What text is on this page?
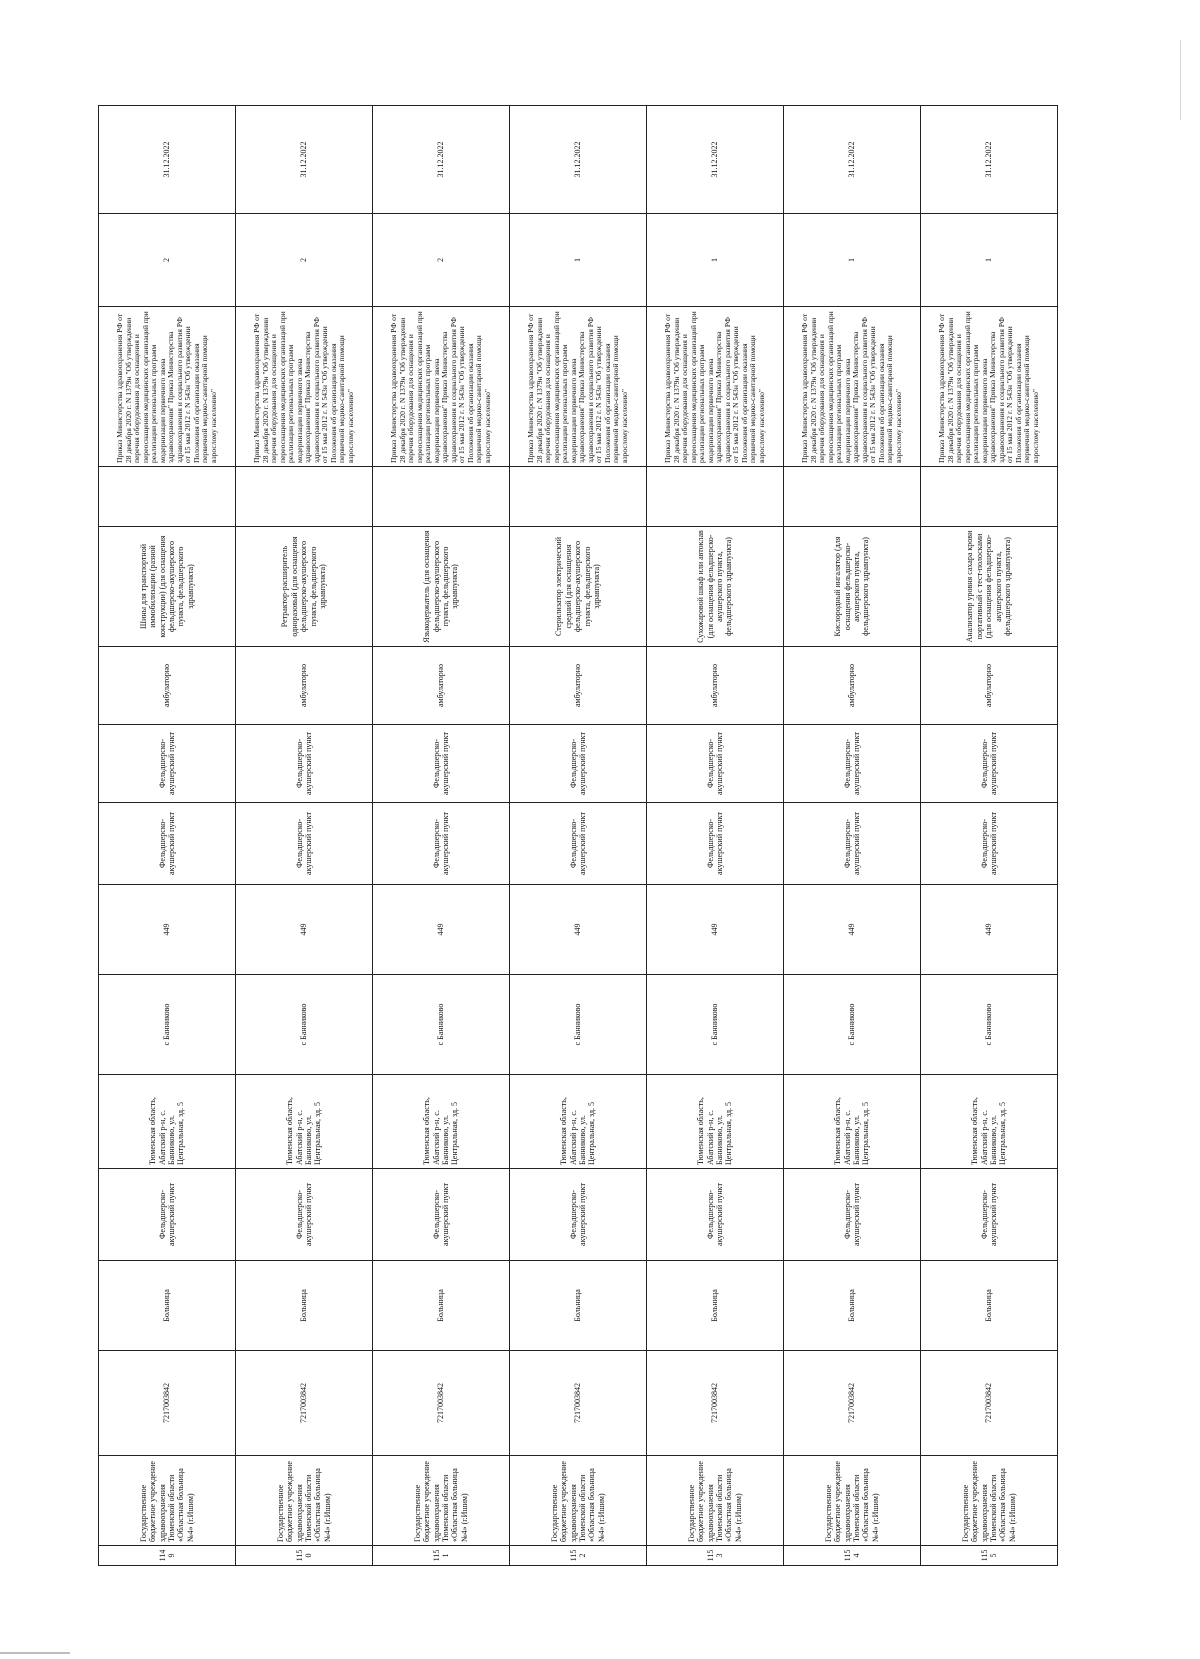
1149	Государственное бюджетное учреждение здравоохранения Тюменской области «Областная больница №4» (г.Ишим)	7217003842	Больница	Фельдшерско-акушерский пункт	Тюменская область, Абатский р-н, с. Банниково, ул. Центральная, зд. 5	с Банниково	449	Фельдшерско-акушерский пункт	Фельдшерско-акушерский пункт	амбулаторно	Шины для транспортной иммобилизации (разной конструкции) (для оснащения фельдшерско-акушерского пункта, фельдшерского здравпункта)		Приказ Министерства здравоохранения РФ от 28 декабря 2020 г. N 1379н "Об утверждении перечня оборудования для оснащения и переоснащения медицинских организаций при реализации региональных программ модернизации первичного звена здравоохранения" Приказ Министерства здравоохранения и социального развития РФ от 15 мая 2012 г. N 543н "Об утверждении Положения об организации оказания первичной медико-санитарной помощи взрослому населению"	2	31.12.2022
1150	Государственное бюджетное учреждение здравоохранения Тюменской области «Областная больница №4» (г.Ишим)	7217003842	Больница	Фельдшерско-акушерский пункт	Тюменская область, Абатский р-н, с. Банниково, ул. Центральная, зд. 5	с Банниково	449	Фельдшерско-акушерский пункт	Фельдшерско-акушерский пункт	амбулаторно	Ретрактор-расширитель одноразовый (для оснащения фельдшерско-акушерского пункта, фельдшерского здравпункта)		Приказ Министерства здравоохранения РФ от 28 декабря 2020 г. N 1379н "Об утверждении перечня оборудования для оснащения и переоснащения медицинских организаций при реализации региональных программ модернизации первичного звена здравоохранения" Приказ Министерства здравоохранения и социального развития РФ от 15 мая 2012 г. N 543н "Об утверждении Положения об организации оказания первичной медико-санитарной помощи взрослому населению"	2	31.12.2022
1151	Государственное бюджетное учреждение здравоохранения Тюменской области «Областная больница №4» (г.Ишим)	7217003842	Больница	Фельдшерско-акушерский пункт	Тюменская область, Абатский р-н, с. Банниково, ул. Центральная, зд. 5	с Банниково	449	Фельдшерско-акушерский пункт	Фельдшерско-акушерский пункт	амбулаторно	Языкодержатель (для оснащения фельдшерско-акушерского пункта, фельдшерского здравпункта)		Приказ Министерства здравоохранения РФ от 28 декабря 2020 г. N 1379н "Об утверждении перечня оборудования для оснащения и переоснащения медицинских организаций при реализации региональных программ модернизации первичного звена здравоохранения" Приказ Министерства здравоохранения и социального развития РФ от 15 мая 2012 г. N 543н "Об утверждении Положения об организации оказания первичной медико-санитарной помощи взрослому населению"	2	31.12.2022
1152	Государственное бюджетное учреждение здравоохранения Тюменской области «Областная больница №4» (г.Ишим)	7217003842	Больница	Фельдшерско-акушерский пункт	Тюменская область, Абатский р-н, с. Банниково, ул. Центральная, зд. 5	с Банниково	449	Фельдшерско-акушерский пункт	Фельдшерско-акушерский пункт	амбулаторно	Стерилизатор электрический средний (для оснащения фельдшерско-акушерского пункта, фельдшерского здравпункта)		Приказ Министерства здравоохранения РФ от 28 декабря 2020 г. N 1379н "Об утверждении перечня оборудования для оснащения и переоснащения медицинских организаций при реализации региональных программ модернизации первичного звена здравоохранения" Приказ Министерства здравоохранения и социального развития РФ от 15 мая 2012 г. N 543н "Об утверждении Положения об организации оказания первичной медико-санитарной помощи взрослому населению"	1	31.12.2022
1153	Государственное бюджетное учреждение здравоохранения Тюменской области «Областная больница №4» (г.Ишим)	7217003842	Больница	Фельдшерско-акушерский пункт	Тюменская область, Абатский р-н, с. Банниково, ул. Центральная, зд. 5	с Банниково	449	Фельдшерско-акушерский пункт	Фельдшерско-акушерский пункт	амбулаторно	Сухожаровой шкаф или автоклав (для оснащения фельдшерско-акушерского пункта, фельдшерского здравпункта)		Приказ Министерства здравоохранения РФ от 28 декабря 2020 г. N 1379н "Об утверждении перечня оборудования для оснащения и переоснащения медицинских организаций при реализации региональных программ модернизации первичного звена здравоохранения" Приказ Министерства здравоохранения и социального развития РФ от 15 мая 2012 г. N 543н "Об утверждении Положения об организации оказания первичной медико-санитарной помощи взрослому населению"	1	31.12.2022
1154	Государственное бюджетное учреждение здравоохранения Тюменской области «Областная больница №4» (г.Ишим)	7217003842	Больница	Фельдшерско-акушерский пункт	Тюменская область, Абатский р-н, с. Банниково, ул. Центральная, зд. 5	с Банниково	449	Фельдшерско-акушерский пункт	Фельдшерско-акушерский пункт	амбулаторно	Кислородный ингалятор (для оснащения фельдшерско-акушерского пункта, фельдшерского здравпункта)		Приказ Министерства здравоохранения РФ от 28 декабря 2020 г. N 1379н "Об утверждении перечня оборудования для оснащения и переоснащения медицинских организаций при реализации региональных программ модернизации первичного звена здравоохранения" Приказ Министерства здравоохранения и социального развития РФ от 15 мая 2012 г. N 543н "Об утверждении Положения об организации оказания первичной медико-санитарной помощи взрослому населению"	1	31.12.2022
1155	Государственное бюджетное учреждение здравоохранения Тюменской области «Областная больница №4» (г.Ишим)	7217003842	Больница	Фельдшерско-акушерский пункт	Тюменская область, Абатский р-н, с. Банниково, ул. Центральная, зд. 5	с Банниково	449	Фельдшерско-акушерский пункт	Фельдшерско-акушерский пункт	амбулаторно	Анализатор уровня сахара крови портативный с тест-полосками (для оснащения фельдшерско-акушерского пункта, фельдшерского здравпункта)		Приказ Министерства здравоохранения РФ от 28 декабря 2020 г. N 1379н "Об утверждении перечня оборудования для оснащения и переоснащения медицинских организаций при реализации региональных программ модернизации первичного звена здравоохранения" Приказ Министерства здравоохранения и социального развития РФ от 15 мая 2012 г. N 543н "Об утверждении Положения об организации оказания первичной медико-санитарной помощи взрослому населению"	1	31.12.2022
